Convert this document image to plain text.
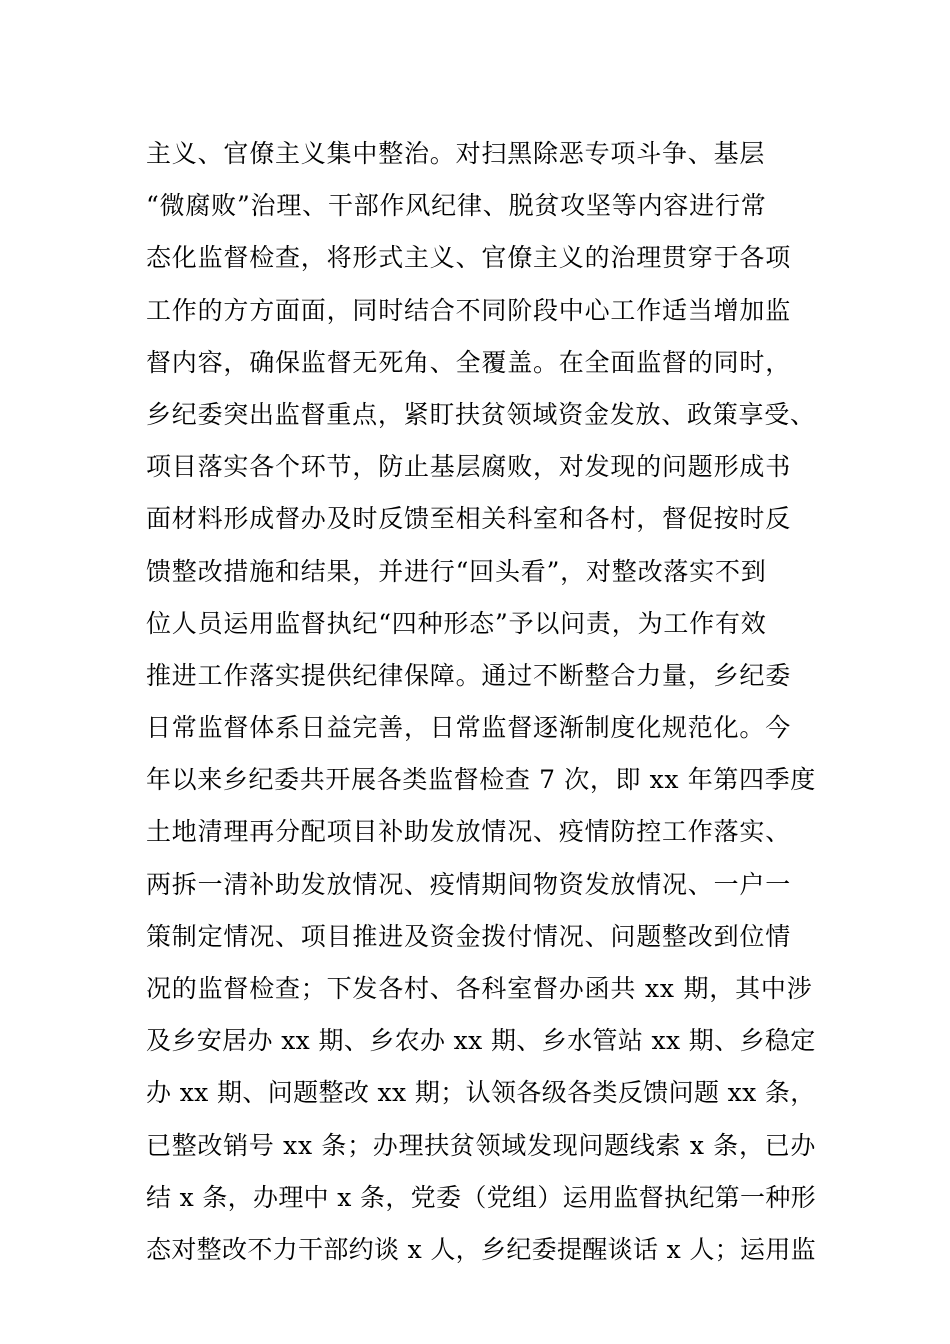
主义、官僚主义集中整治。对扫黑除恶专项斗争、基层
“微腐败”治理、干部作风纪律、脱贫攻坚等内容进行常
态化监督检查，将形式主义、官僚主义的治理贯穿于各项
工作的方方面面，同时结合不同阶段中心工作适当增加监
督内容，确保监督无死角、全覆盖。在全面监督的同时，
乡纪委突出监督重点，紧盯扶贫领域资金发放、政策享受、
项目落实各个环节，防止基层腐败，对发现的问题形成书
面材料形成督办及时反馈至相关科室和各村，督促按时反
馈整改措施和结果，并进行“回头看”，对整改落实不到
位人员运用监督执纪“四种形态”予以问责，为工作有效
推进工作落实提供纪律保障。通过不断整合力量，乡纪委
日常监督体系日益完善，日常监督逐渐制度化规范化。今
年以来乡纪委共开展各类监督检查 7 次，即 xx 年第四季度
土地清理再分配项目补助发放情况、疫情防控工作落实、
两拆一清补助发放情况、疫情期间物资发放情况、一户一
策制定情况、项目推进及资金拨付情况、问题整改到位情
况的监督检查；下发各村、各科室督办函共 xx 期，其中涉
及乡安居办 xx 期、乡农办 xx 期、乡水管站 xx 期、乡稳定
办 xx 期、问题整改 xx 期；认领各级各类反馈问题 xx 条，
已整改销号 xx 条；办理扶贫领域发现问题线索 x 条，已办
结 x 条，办理中 x 条，党委（党组）运用监督执纪第一种形
态对整改不力干部约谈 x 人，乡纪委提醒谈话 x 人；运用监
